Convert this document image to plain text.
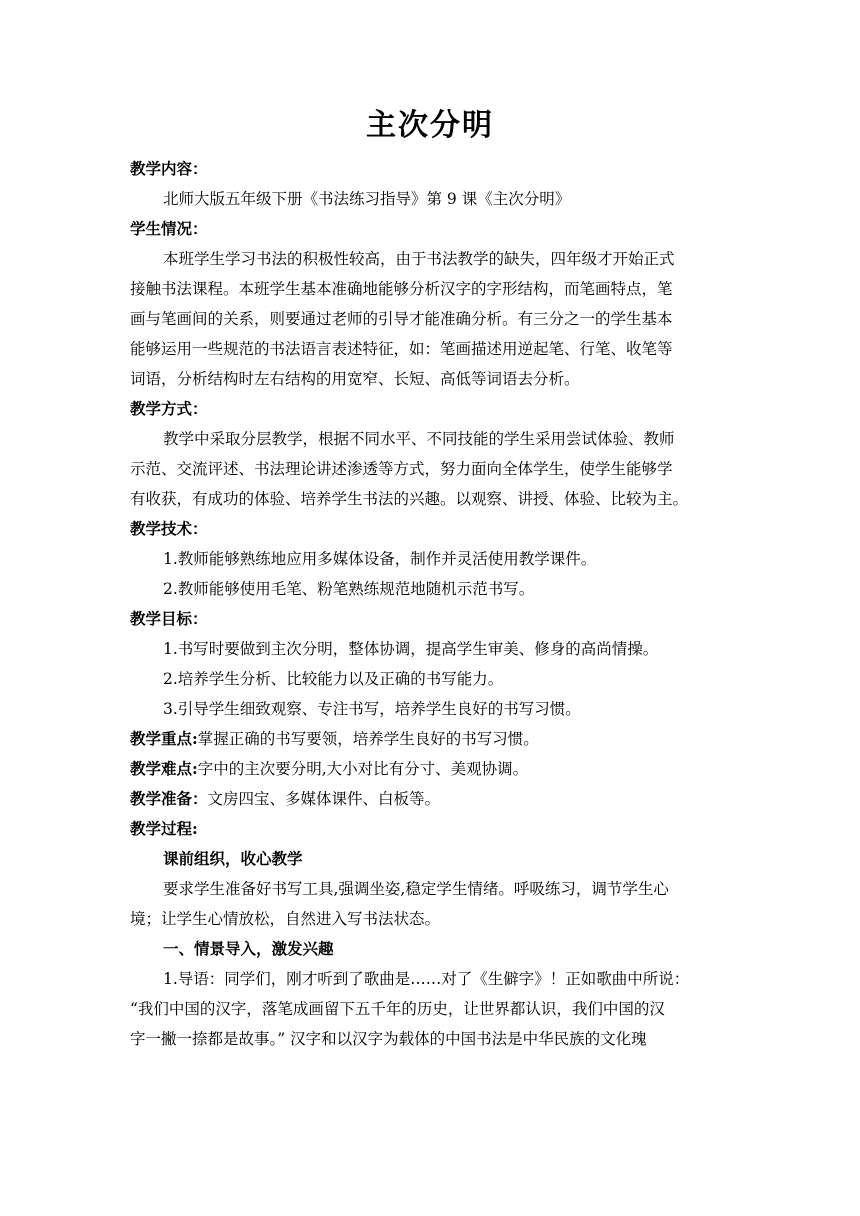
主次分明

教学内容：

北师大版五年级下册《书法练习指导》第 9 课《主次分明》

学生情况：

本班学生学习书法的积极性较高，由于书法教学的缺失，四年级才开始正式

接触书法课程。本班学生基本准确地能够分析汉字的字形结构，而笔画特点，笔

画与笔画间的关系，则要通过老师的引导才能准确分析。有三分之一的学生基本

能够运用一些规范的书法语言表述特征，如：笔画描述用逆起笔、行笔、收笔等

词语，分析结构时左右结构的用宽窄、长短、高低等词语去分析。

教学方式：

教学中采取分层教学，根据不同水平、不同技能的学生采用尝试体验、教师

示范、交流评述、书法理论讲述渗透等方式，努力面向全体学生，使学生能够学

有收获，有成功的体验、培养学生书法的兴趣。以观察、讲授、体验、比较为主。

教学技术：

1.教师能够熟练地应用多媒体设备，制作并灵活使用教学课件。

2.教师能够使用毛笔、粉笔熟练规范地随机示范书写。

教学目标：

1.书写时要做到主次分明，整体协调，提高学生审美、修身的高尚情操。

2.培养学生分析、比较能力以及正确的书写能力。

3.引导学生细致观察、专注书写，培养学生良好的书写习惯。

教学重点:掌握正确的书写要领，培养学生良好的书写习惯。

教学难点:字中的主次要分明,大小对比有分寸、美观协调。

教学准备：文房四宝、多媒体课件、白板等。

教学过程:

课前组织，收心教学

要求学生准备好书写工具,强调坐姿,稳定学生情绪。呼吸练习，调节学生心

境；让学生心情放松，自然进入写书法状态。

一、情景导入，激发兴趣

1.导语：同学们，刚才听到了歌曲是……对了《生僻字》！正如歌曲中所说：

“我们中国的汉字，落笔成画留下五千年的历史，让世界都认识，我们中国的汉

字一撇一捺都是故事。” 汉字和以汉字为载体的中国书法是中华民族的文化瑰
